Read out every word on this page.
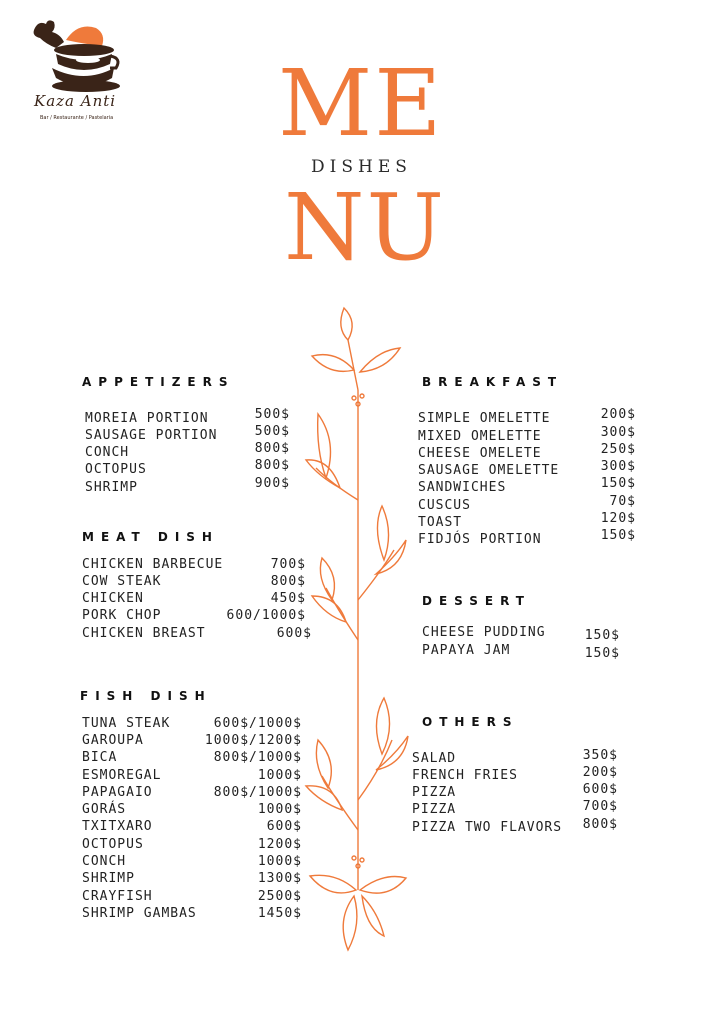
Kaza Anti
Bar / Restaurante / Pastelaria ME
DISHES
NU
APPETIZERS
MOREIA PORTION	500$
SAUSAGE PORTION	500$
CONCH	800$
OCTOPUS	800$
SHRIMP	900$
MEAT DISH
CHICKEN BARBECUE	700$
COW STEAK	800$
CHICKEN	450$
PORK CHOP	600/1000$
CHICKEN BREAST	600$
FISH DISH
TUNA STEAK	600$/1000$
GAROUPA	1000$/1200$
BICA	800$/1000$
ESMOREGAL	1000$
PAPAGAIO	800$/1000$
GORÁS	1000$
TXITXARO	600$
OCTOPUS	1200$
CONCH	1000$
SHRIMP	1300$
CRAYFISH	2500$
SHRIMP GAMBAS	1450$
BREAKFAST
SIMPLE OMELETTE	200$
MIXED OMELETTE	300$
CHEESE OMELETE	250$
SAUSAGE OMELETTE	300$
SANDWICHES	150$
CUSCUS	70$
TOAST	120$
FIDJÓS PORTION	150$
DESSERT
CHEESE PUDDING	150$
PAPAYA JAM	150$
OTHERS
SALAD	350$
FRENCH FRIES	200$
PIZZA	600$
PIZZA	700$
PIZZA TWO FLAVORS 800$
